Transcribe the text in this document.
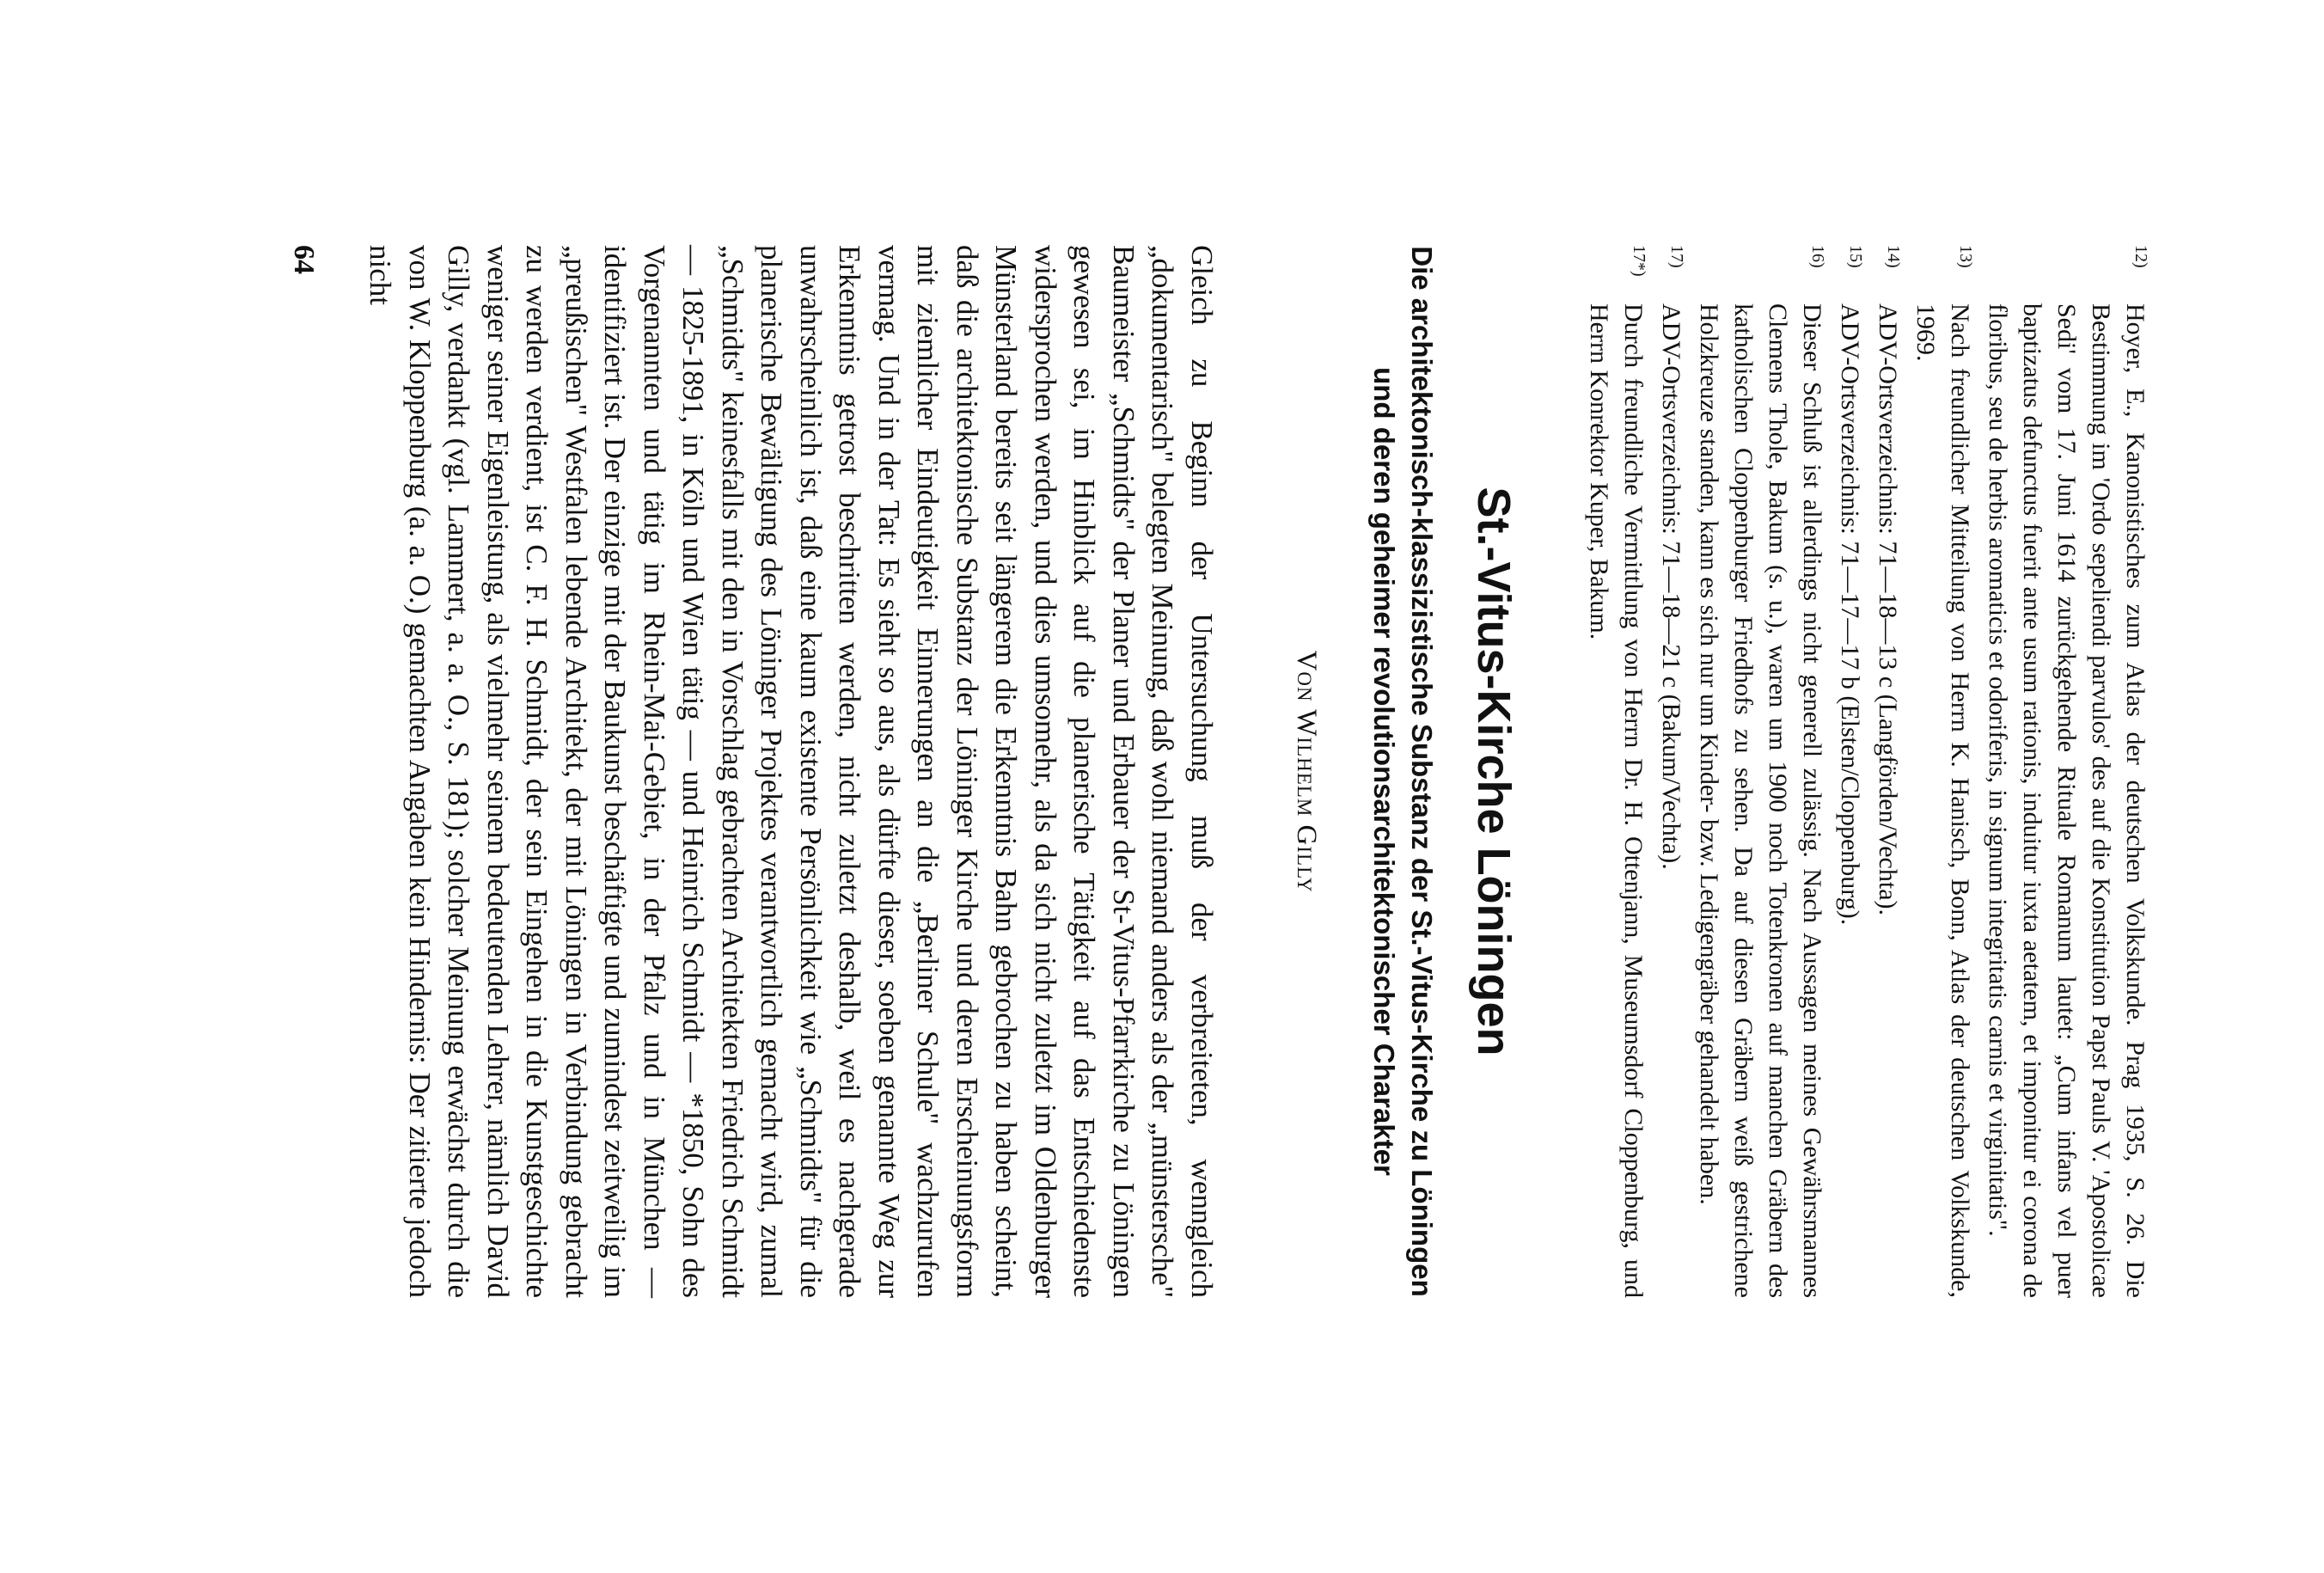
12)
Hoyer, E., Kanonistisches zum Atlas der deutschen Volkskunde. Prag 1935, S. 26. Die Bestimmung im 'Ordo sepeliendi parvulos' des auf die Konstitution Papst Pauls V. 'Apostolicae Sedi' vom 17. Juni 1614 zurückgehende Rituale Romanum lautet: „Cum infans vel puer baptizatus defunctus fuerit ante usum rationis, induitur iuxta aetatem, et imponitur ei corona de floribus, seu de herbis aromaticis et odoriferis, in signum integritatis carnis et virginitatis".
13)
Nach freundlicher Mitteilung von Herrn K. Hanisch, Bonn, Atlas der deutschen Volkskunde, 1969.
14)
ADV-Ortsverzeichnis: 71—18—13 c (Langförden/Vechta).
15)
ADV-Ortsverzeichnis: 71—17—17 b (Elsten/Cloppenburg).
16)
Dieser Schluß ist allerdings nicht generell zulässig. Nach Aussagen meines Gewährsmannes Clemens Thole, Bakum (s. u.), waren um 1900 noch Totenkronen auf manchen Gräbern des katholischen Cloppenburger Friedhofs zu sehen. Da auf diesen Gräbern weiß gestrichene Holzkreuze standen, kann es sich nur um Kinder- bzw. Ledigengräber gehandelt haben.
17)
ADV-Ortsverzeichnis: 71—18—21 c (Bakum/Vechta).
17*)
Durch freundliche Vermittlung von Herrn Dr. H. Ottenjann, Museumsdorf Cloppenburg, und Herrn Konrektor Kuper, Bakum.
St.-Vitus-Kirche Löningen
Die architektonisch-klassizistische Substanz der St.-Vitus-Kirche zu Löningen und deren geheimer revolutionsarchitektonischer Charakter
Von Wilhelm Gilly
Gleich zu Beginn der Untersuchung muß der verbreiteten, wenngleich „dokumentarisch" belegten Meinung, daß wohl niemand anders als der „münstersche" Baumeister „Schmidts" der Planer und Erbauer der St-Vitus-Pfarrkirche zu Löningen gewesen sei, im Hinblick auf die planerische Tätigkeit auf das Entschiedenste widersprochen werden, und dies umsomehr, als da sich nicht zuletzt im Oldenburger Münsterland bereits seit längerem die Erkenntnis Bahn gebrochen zu haben scheint, daß die architektonische Substanz der Löninger Kirche und deren Erscheinungsform mit ziemlicher Eindeutigkeit Einnerungen an die „Berliner Schule" wachzurufen vermag. Und in der Tat: Es sieht so aus, als dürfte dieser, soeben genannte Weg zur Erkenntnis getrost beschritten werden, nicht zuletzt deshalb, weil es nachgerade unwahrscheinlich ist, daß eine kaum existente Persönlichkeit wie „Schmidts" für die planerische Bewältigung des Löninger Projektes verantwortlich gemacht wird, zumal „Schmidts" keinesfalls mit den in Vorschlag gebrachten Architekten Friedrich Schmidt — 1825-1891, in Köln und Wien tätig — und Heinrich Schmidt — *1850, Sohn des Vorgenannten und tätig im Rhein-Mai-Gebiet, in der Pfalz und in München — identifiziert ist. Der einzige mit der Baukunst beschäftigte und zumindest zeitweilig im „preußischen" Westfalen lebende Architekt, der mit Löningen in Verbindung gebracht zu werden verdient, ist C. F. H. Schmidt, der sein Eingehen in die Kunstgeschichte weniger seiner Eigenleistung, als vielmehr seinem bedeutenden Lehrer, nämlich David Gilly, verdankt (vgl. Lammert, a. a. O., S. 181); solcher Meinung erwächst durch die von W. Kloppenburg (a. a. O.) gemachten Angaben kein Hindernis: Der zitierte jedoch nicht
64
